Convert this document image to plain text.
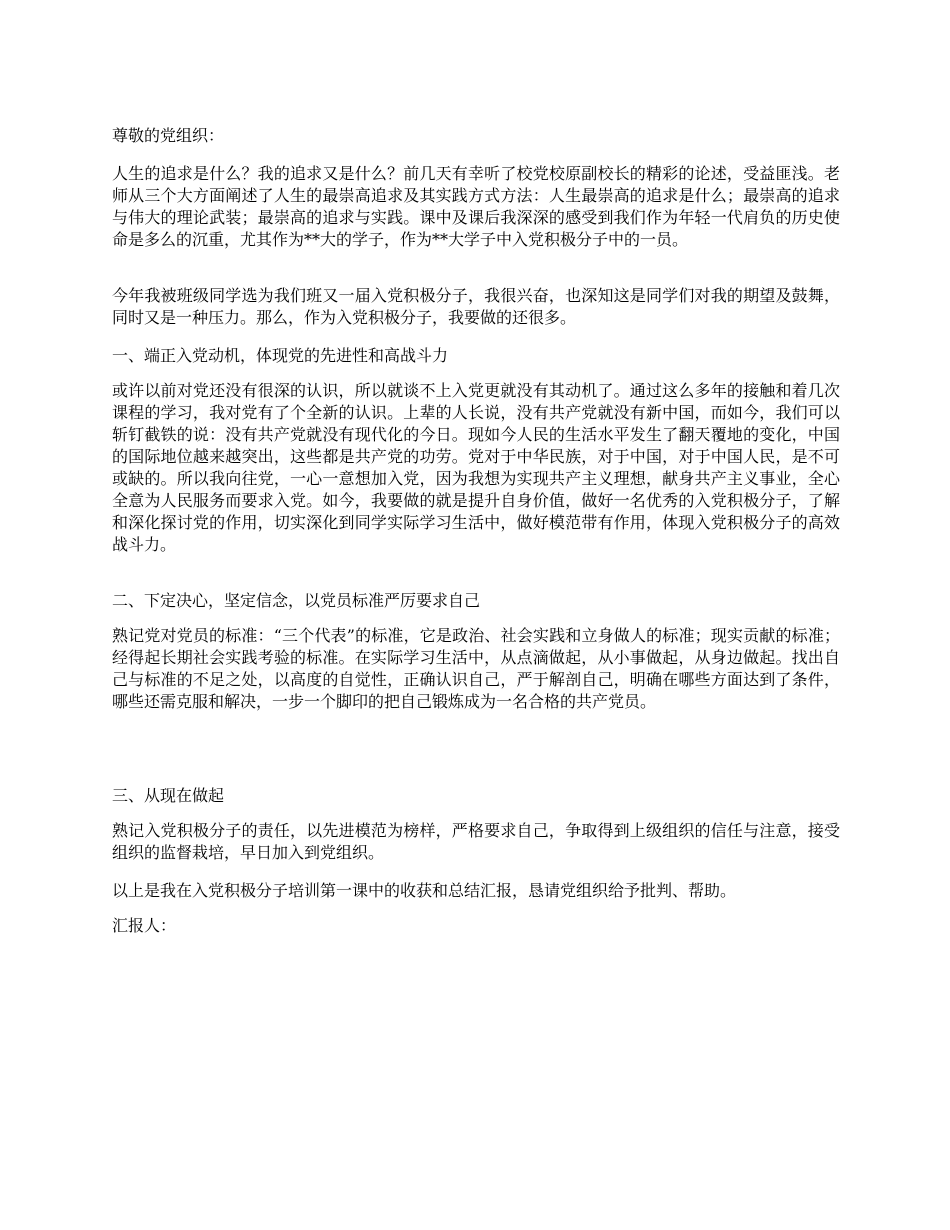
尊敬的党组织：

人生的追求是什么？我的追求又是什么？前几天有幸听了校党校原副校长的精彩的论述，受益匪浅。老师从三个大方面阐述了人生的最崇高追求及其实践方式方法：人生最崇高的追求是什么；最崇高的追求与伟大的理论武装；最崇高的追求与实践。课中及课后我深深的感受到我们作为年轻一代肩负的历史使命是多么的沉重，尤其作为**大的学子，作为**大学子中入党积极分子中的一员。

今年我被班级同学选为我们班又一届入党积极分子，我很兴奋，也深知这是同学们对我的期望及鼓舞，同时又是一种压力。那么，作为入党积极分子，我要做的还很多。

一、端正入党动机，体现党的先进性和高战斗力

或许以前对党还没有很深的认识，所以就谈不上入党更就没有其动机了。通过这么多年的接触和着几次课程的学习，我对党有了个全新的认识。上辈的人长说，没有共产党就没有新中国，而如今，我们可以斩钉截铁的说：没有共产党就没有现代化的今日。现如今人民的生活水平发生了翻天覆地的变化，中国的国际地位越来越突出，这些都是共产党的功劳。党对于中华民族，对于中国，对于中国人民，是不可或缺的。所以我向往党，一心一意想加入党，因为我想为实现共产主义理想，献身共产主义事业，全心全意为人民服务而要求入党。如今，我要做的就是提升自身价值，做好一名优秀的入党积极分子，了解和深化探讨党的作用，切实深化到同学实际学习生活中，做好模范带有作用，体现入党积极分子的高效战斗力。

二、下定决心，坚定信念，以党员标准严厉要求自己

熟记党对党员的标准：“三个代表”的标准，它是政治、社会实践和立身做人的标准；现实贡献的标准；经得起长期社会实践考验的标准。在实际学习生活中，从点滴做起，从小事做起，从身边做起。找出自己与标准的不足之处，以高度的自觉性，正确认识自己，严于解剖自己，明确在哪些方面达到了条件，哪些还需克服和解决，一步一个脚印的把自己锻炼成为一名合格的共产党员。

三、从现在做起

熟记入党积极分子的责任，以先进模范为榜样，严格要求自己，争取得到上级组织的信任与注意，接受组织的监督栽培，早日加入到党组织。

以上是我在入党积极分子培训第一课中的收获和总结汇报，恳请党组织给予批判、帮助。

汇报人：
